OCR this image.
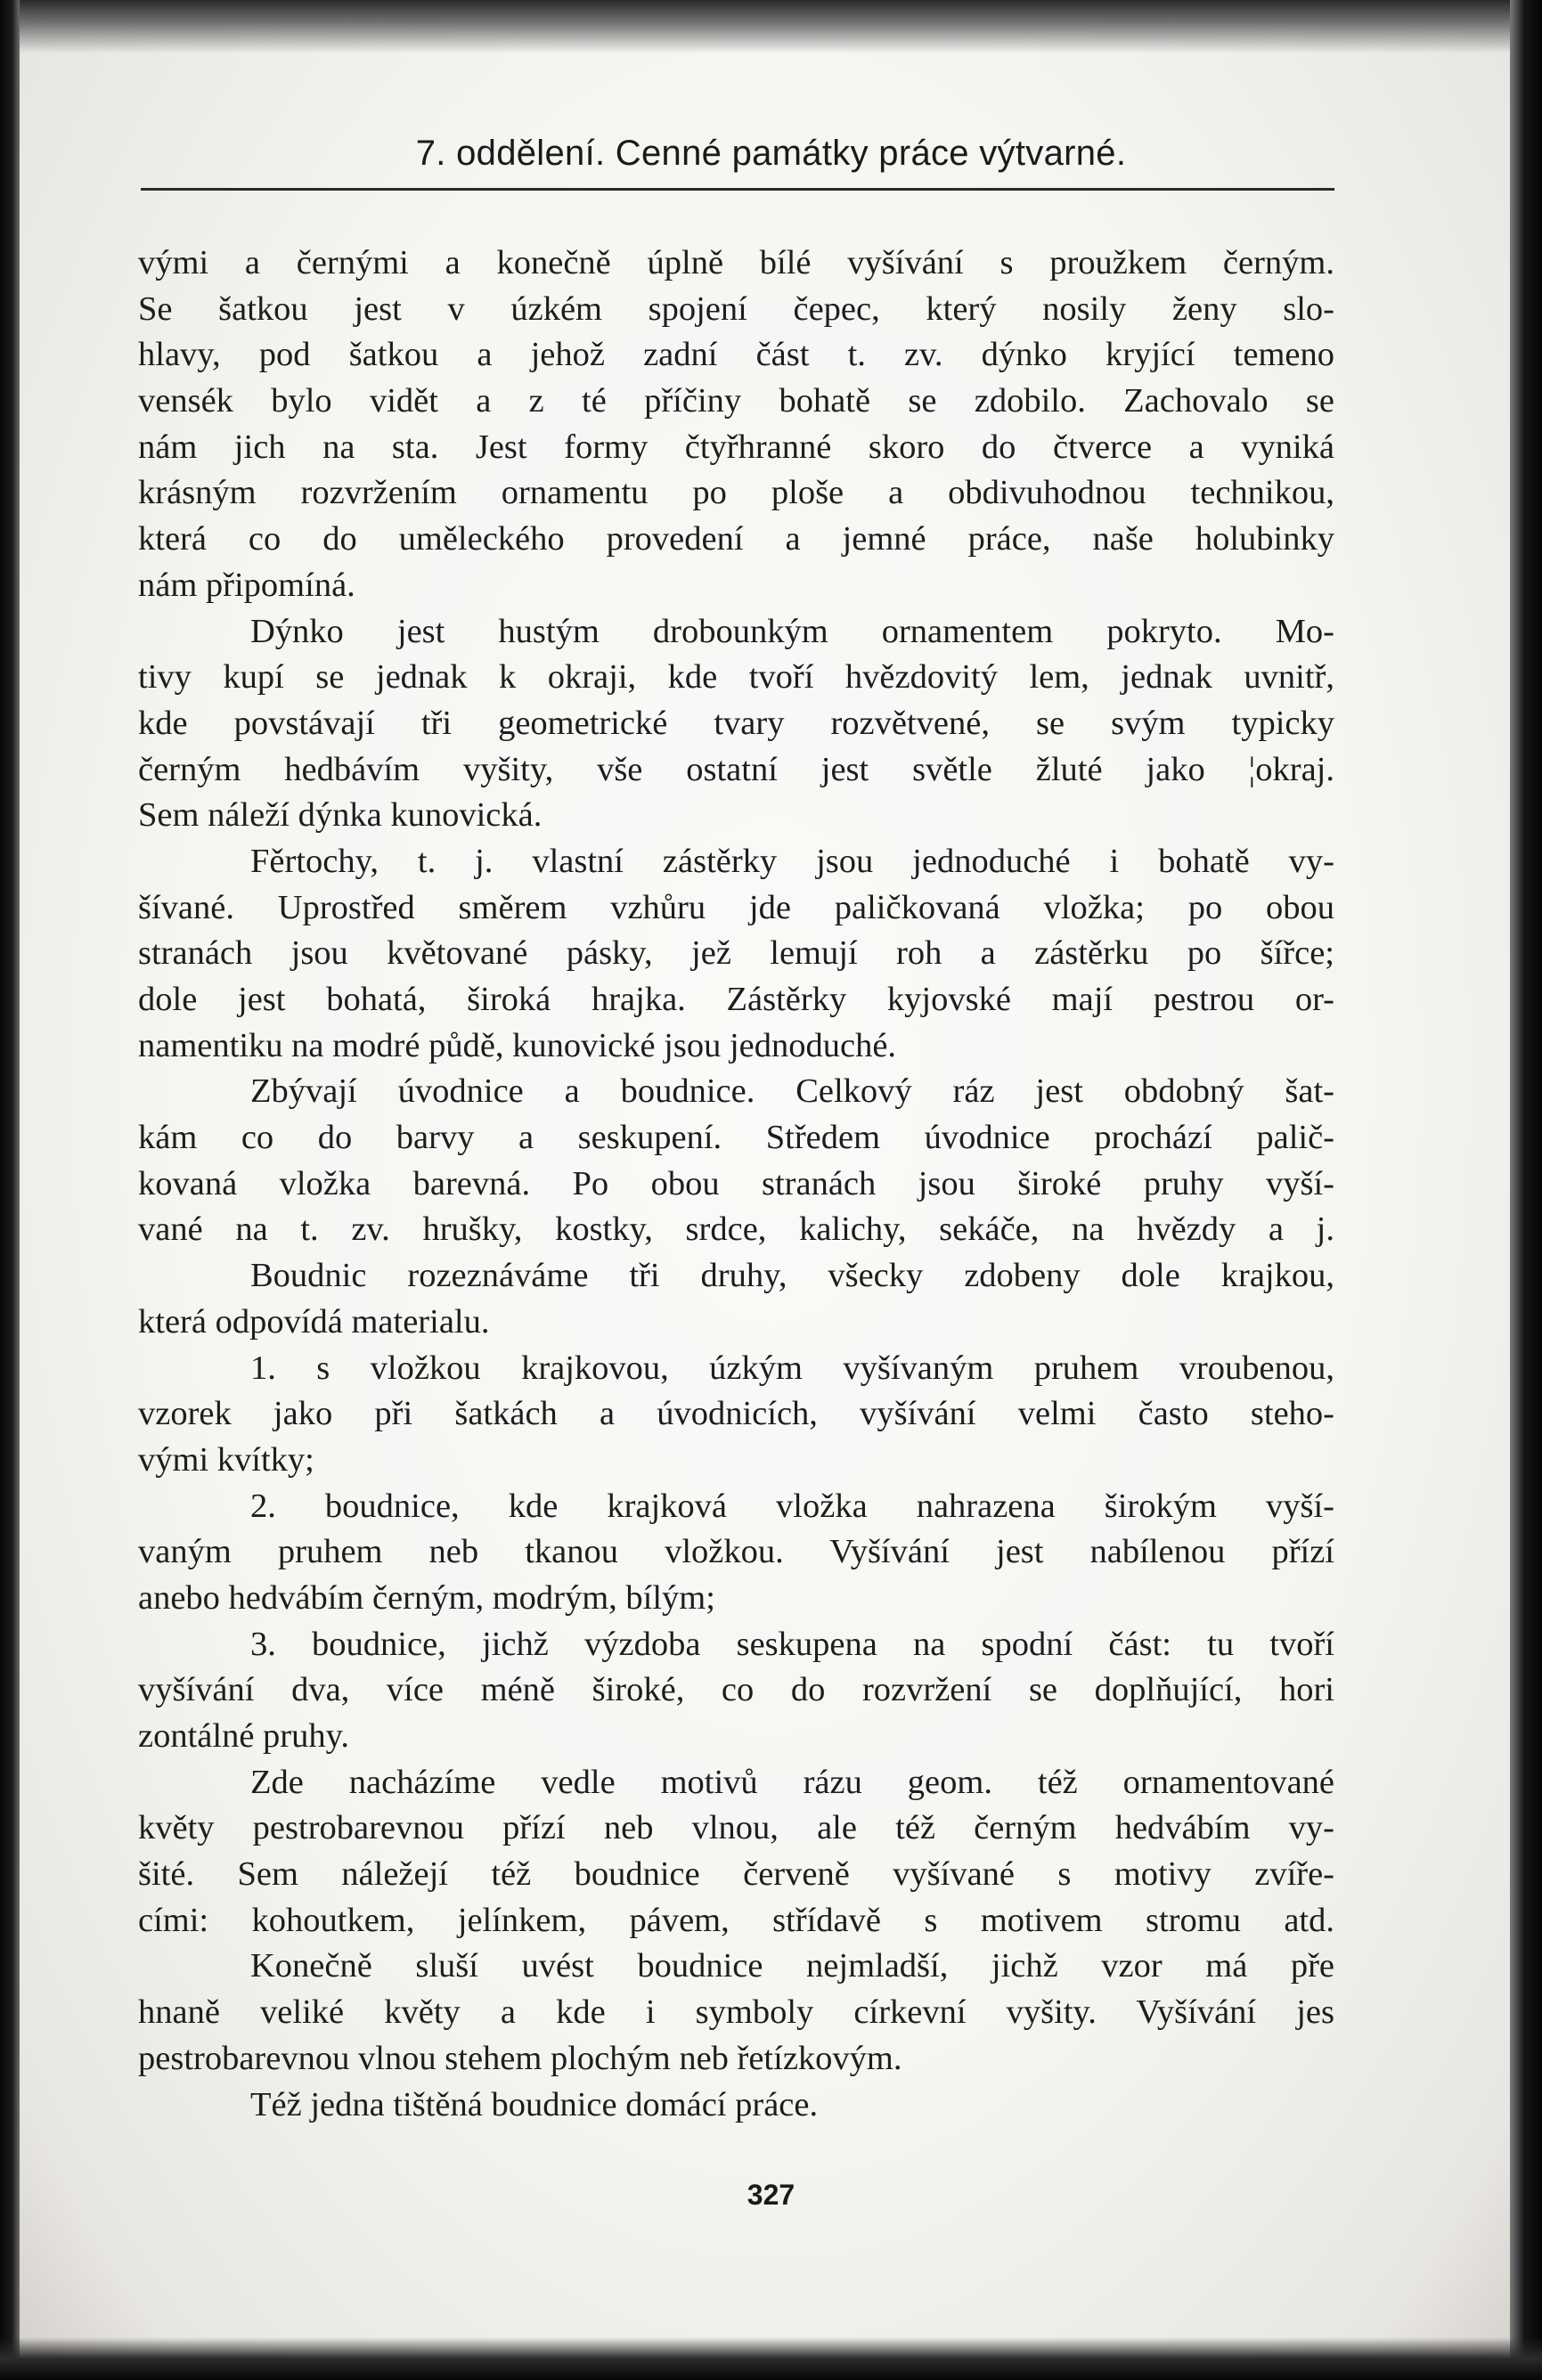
7. oddělení. Cenné památky práce výtvarné.
vými a černými a konečně úplně bílé vyšívání s proužkem černým.
Se šatkou jest v úzkém spojení čepec, který nosily ženy slo-
hlavy, pod šatkou a jehož zadní část t. zv. dýnko kryjící temeno
vensék bylo vidět a z té příčiny bohatě se zdobilo. Zachovalo se
nám jich na sta. Jest formy čtyřhranné skoro do čtverce a vyniká
krásným rozvržením ornamentu po ploše a obdivuhodnou technikou,
která co do uměleckého provedení a jemné práce, naše holubinky
nám připomíná.
Dýnko jest hustým drobounkým ornamentem pokryto. Mo-
tivy kupí se jednak k okraji, kde tvoří hvězdovitý lem, jednak uvnitř,
kde povstávají tři geometrické tvary rozvětvené, se svým typicky
černým hedbávím vyšity, vše ostatní jest světle žluté jako ¦okraj.
Sem náleží dýnka kunovická.
Fěrtochy, t. j. vlastní zástěrky jsou jednoduché i bohatě vy-
šívané. Uprostřed směrem vzhůru jde paličkovaná vložka; po obou
stranách jsou květované pásky, jež lemují roh a zástěrku po šířce;
dole jest bohatá, široká hrajka. Zástěrky kyjovské mají pestrou or-
namentiku na modré půdě, kunovické jsou jednoduché.
Zbývají úvodnice a boudnice. Celkový ráz jest obdobný šat-
kám co do barvy a seskupení. Středem úvodnice prochází palič-
kovaná vložka barevná. Po obou stranách jsou široké pruhy vyší-
vané na t. zv. hrušky, kostky, srdce, kalichy, sekáče, na hvězdy a j.
Boudnic rozeznáváme tři druhy, všecky zdobeny dole krajkou,
která odpovídá materialu.
1. s vložkou krajkovou, úzkým vyšívaným pruhem vroubenou,
vzorek jako při šatkách a úvodnicích, vyšívání velmi často steho-
vými kvítky;
2. boudnice, kde krajková vložka nahrazena širokým vyší-
vaným pruhem neb tkanou vložkou. Vyšívání jest nabílenou přízí
anebo hedvábím černým, modrým, bílým;
3. boudnice, jichž výzdoba seskupena na spodní část: tu tvoří
vyšívání dva, více méně široké, co do rozvržení se doplňující, hori
zontálné pruhy.
Zde nacházíme vedle motivů rázu geom. též ornamentované
květy pestrobarevnou přízí neb vlnou, ale též černým hedvábím vy-
šité. Sem náležejí též boudnice červeně vyšívané s motivy zvíře-
cími: kohoutkem, jelínkem, pávem, střídavě s motivem stromu atd.
Konečně sluší uvést boudnice nejmladší, jichž vzor má pře
hnaně veliké květy a kde i symboly církevní vyšity. Vyšívání jes
pestrobarevnou vlnou stehem plochým neb řetízkovým.
Též jedna tištěná boudnice domácí práce.
327
